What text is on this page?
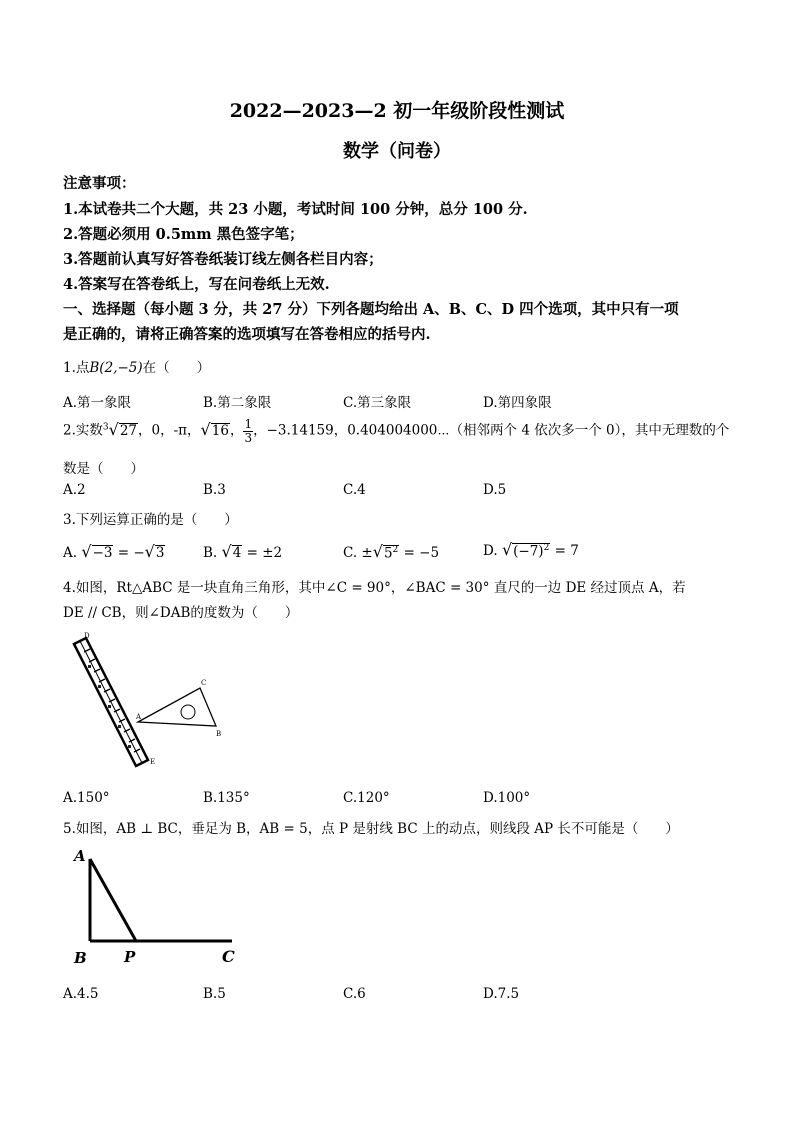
2022—2023—2 初一年级阶段性测试
数学（问卷）
注意事项：
1.本试卷共二个大题，共 23 小题，考试时间 100 分钟，总分 100 分.
2.答题必须用 0.5mm 黑色签字笔；
3.答题前认真写好答卷纸装订线左侧各栏目内容；
4.答案写在答卷纸上，写在问卷纸上无效.
一、选择题（每小题 3 分，共 27 分）下列各题均给出 A、B、C、D 四个选项，其中只有一项
是正确的，请将正确答案的选项填写在答卷相应的括号内.
1.点B(2,−5)在（　　）
A.第一象限	B.第二象限	C.第三象限	D.第四象限
2.实数$^3$√27，0，-π，√16， $\frac{1}{3}$ ，−3.14159，0.404004000⋯（相邻两个 4 依次多一个 0），其中无理数的个
数是（　　）
A.2	B.3	C.4	D.5
3.下列运算正确的是（　　）
A. √−3 = −√3	B. √4 = ±2	C. $\pm√5^2 = -5$	D. $√(-7)^2 = 7$
4.如图，Rt△ABC 是一块直角三角形，其中∠C = 90°，∠BAC = 30° 直尺的一边 DE 经过顶点 A，若
DE // CB，则∠DAB的度数为（　　）
D
E
A
C
B
A.150°	B.135°	C.120°	D.100°
5.如图，AB ⊥ BC，垂足为 B，AB = 5，点 P 是射线 BC 上的动点，则线段 AP 长不可能是（　　）
A
B P	C
A.4.5	B.5	C.6	D.7.5
